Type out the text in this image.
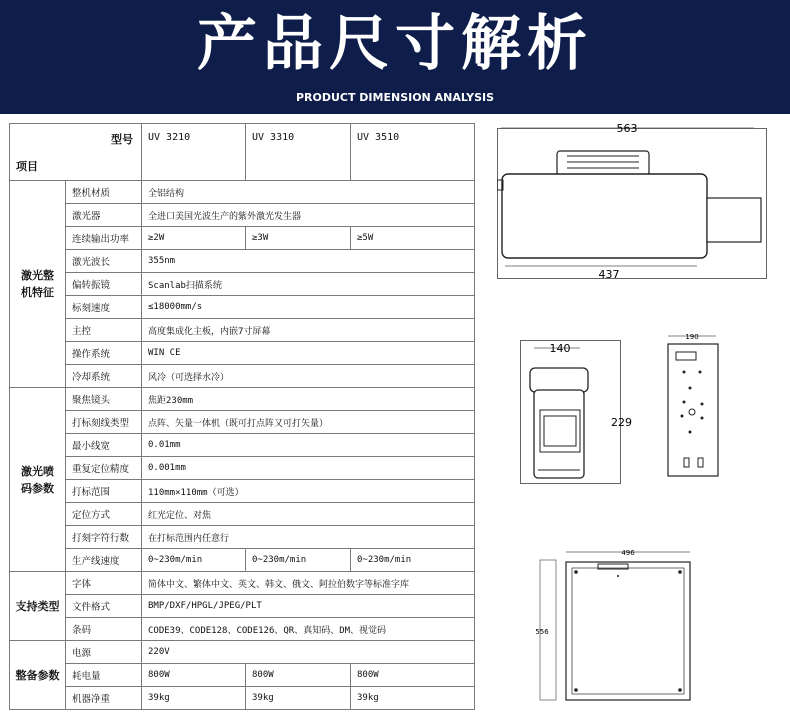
产品尺寸解析
PRODUCT DIMENSION ANALYSIS
型号
项目		UV 3210	UV 3310	UV 3510

激光整
机特征	整机材质	全铝结构		
	激光器	全进口美国光波生产的紫外激光发生器		
	连续输出功率	≥2W	≥3W	≥5W
	激光波长	355nm		
	偏转振镜	Scanlab扫描系统		
	标刻速度	≤18000mm/s		
	主控	高度集成化主板，内嵌7寸屏幕		
	操作系统	WIN CE		
	冷却系统	风冷（可选择水冷）		

激光喷
码参数	聚焦镜头	焦距230mm		
	打标刻线类型	点阵、矢量一体机（既可打点阵又可打矢量）		
	最小线宽	0.01mm		
	重复定位精度	0.001mm		
	打标范围	110mm×110mm（可选）		
	定位方式	红光定位、对焦		
	打刻字符行数	在打标范围内任意行		
	生产线速度	0~230m/min	0~230m/min	0~230m/min

支持类型	字体	简体中文、繁体中文、英文、韩文、俄文、阿拉伯数字等标准字库		
	文件格式	BMP/DXF/HPGL/JPEG/PLT		
	条码	CODE39、CODE128、CODE126、QR、真知码、DM、视觉码		

整备参数	电源	220V		
	耗电量	800W	800W	800W
	机器净重	39kg	39kg	39kg
563
437
140
229
190
496
556
